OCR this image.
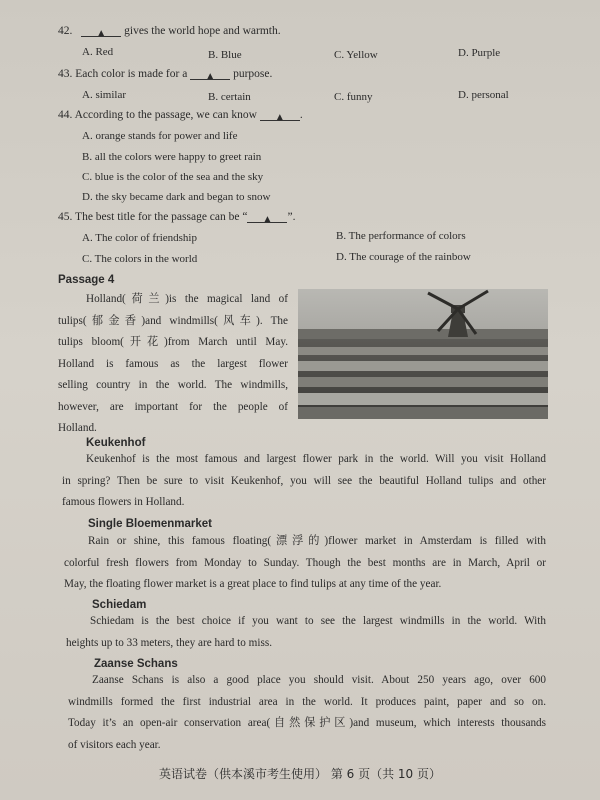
42. ▲ gives the world hope and warmth.
A. Red	B. Blue	C. Yellow	D. Purple
43. Each color is made for a ▲ purpose.
A. similar	B. certain	C. funny	D. personal
44. According to the passage, we can know ▲ .
A. orange stands for power and life
B. all the colors were happy to greet rain
C. blue is the color of the sea and the sky
D. the sky became dark and began to snow
45. The best title for the passage can be “ ▲ ”.
A. The color of friendship	B. The performance of colors
C. The colors in the world	D. The courage of the rainbow
Passage 4
Holland(荷兰)is the magical land of
tulips(郁金香)and windmills(风车). The
tulips bloom(开花)from March until May.
Holland is famous as the largest flower
selling country in the world. The windmills,
however, are important for the people of
Holland.
Keukenhof
Keukenhof is the most famous and largest flower park in the world. Will you visit Holland
in spring? Then be sure to visit Keukenhof, you will see the beautiful Holland tulips and other
famous flowers in Holland.
Single Bloemenmarket
Rain or shine, this famous floating(漂浮的)flower market in Amsterdam is filled with
colorful fresh flowers from Monday to Sunday. Though the best months are in March, April or
May, the floating flower market is a great place to find tulips at any time of the year.
Schiedam
Schiedam is the best choice if you want to see the largest windmills in the world. With
heights up to 33 meters, they are hard to miss.
Zaanse Schans
Zaanse Schans is also a good place you should visit. About 250 years ago, over 600
windmills formed the first industrial area in the world. It produces paint, paper and so on.
Today it’s an open-air conservation area(自然保护区)and museum, which interests thousands
of visitors each year.
英语试卷（供本溪市考生使用） 第 6 页（共 10 页）
